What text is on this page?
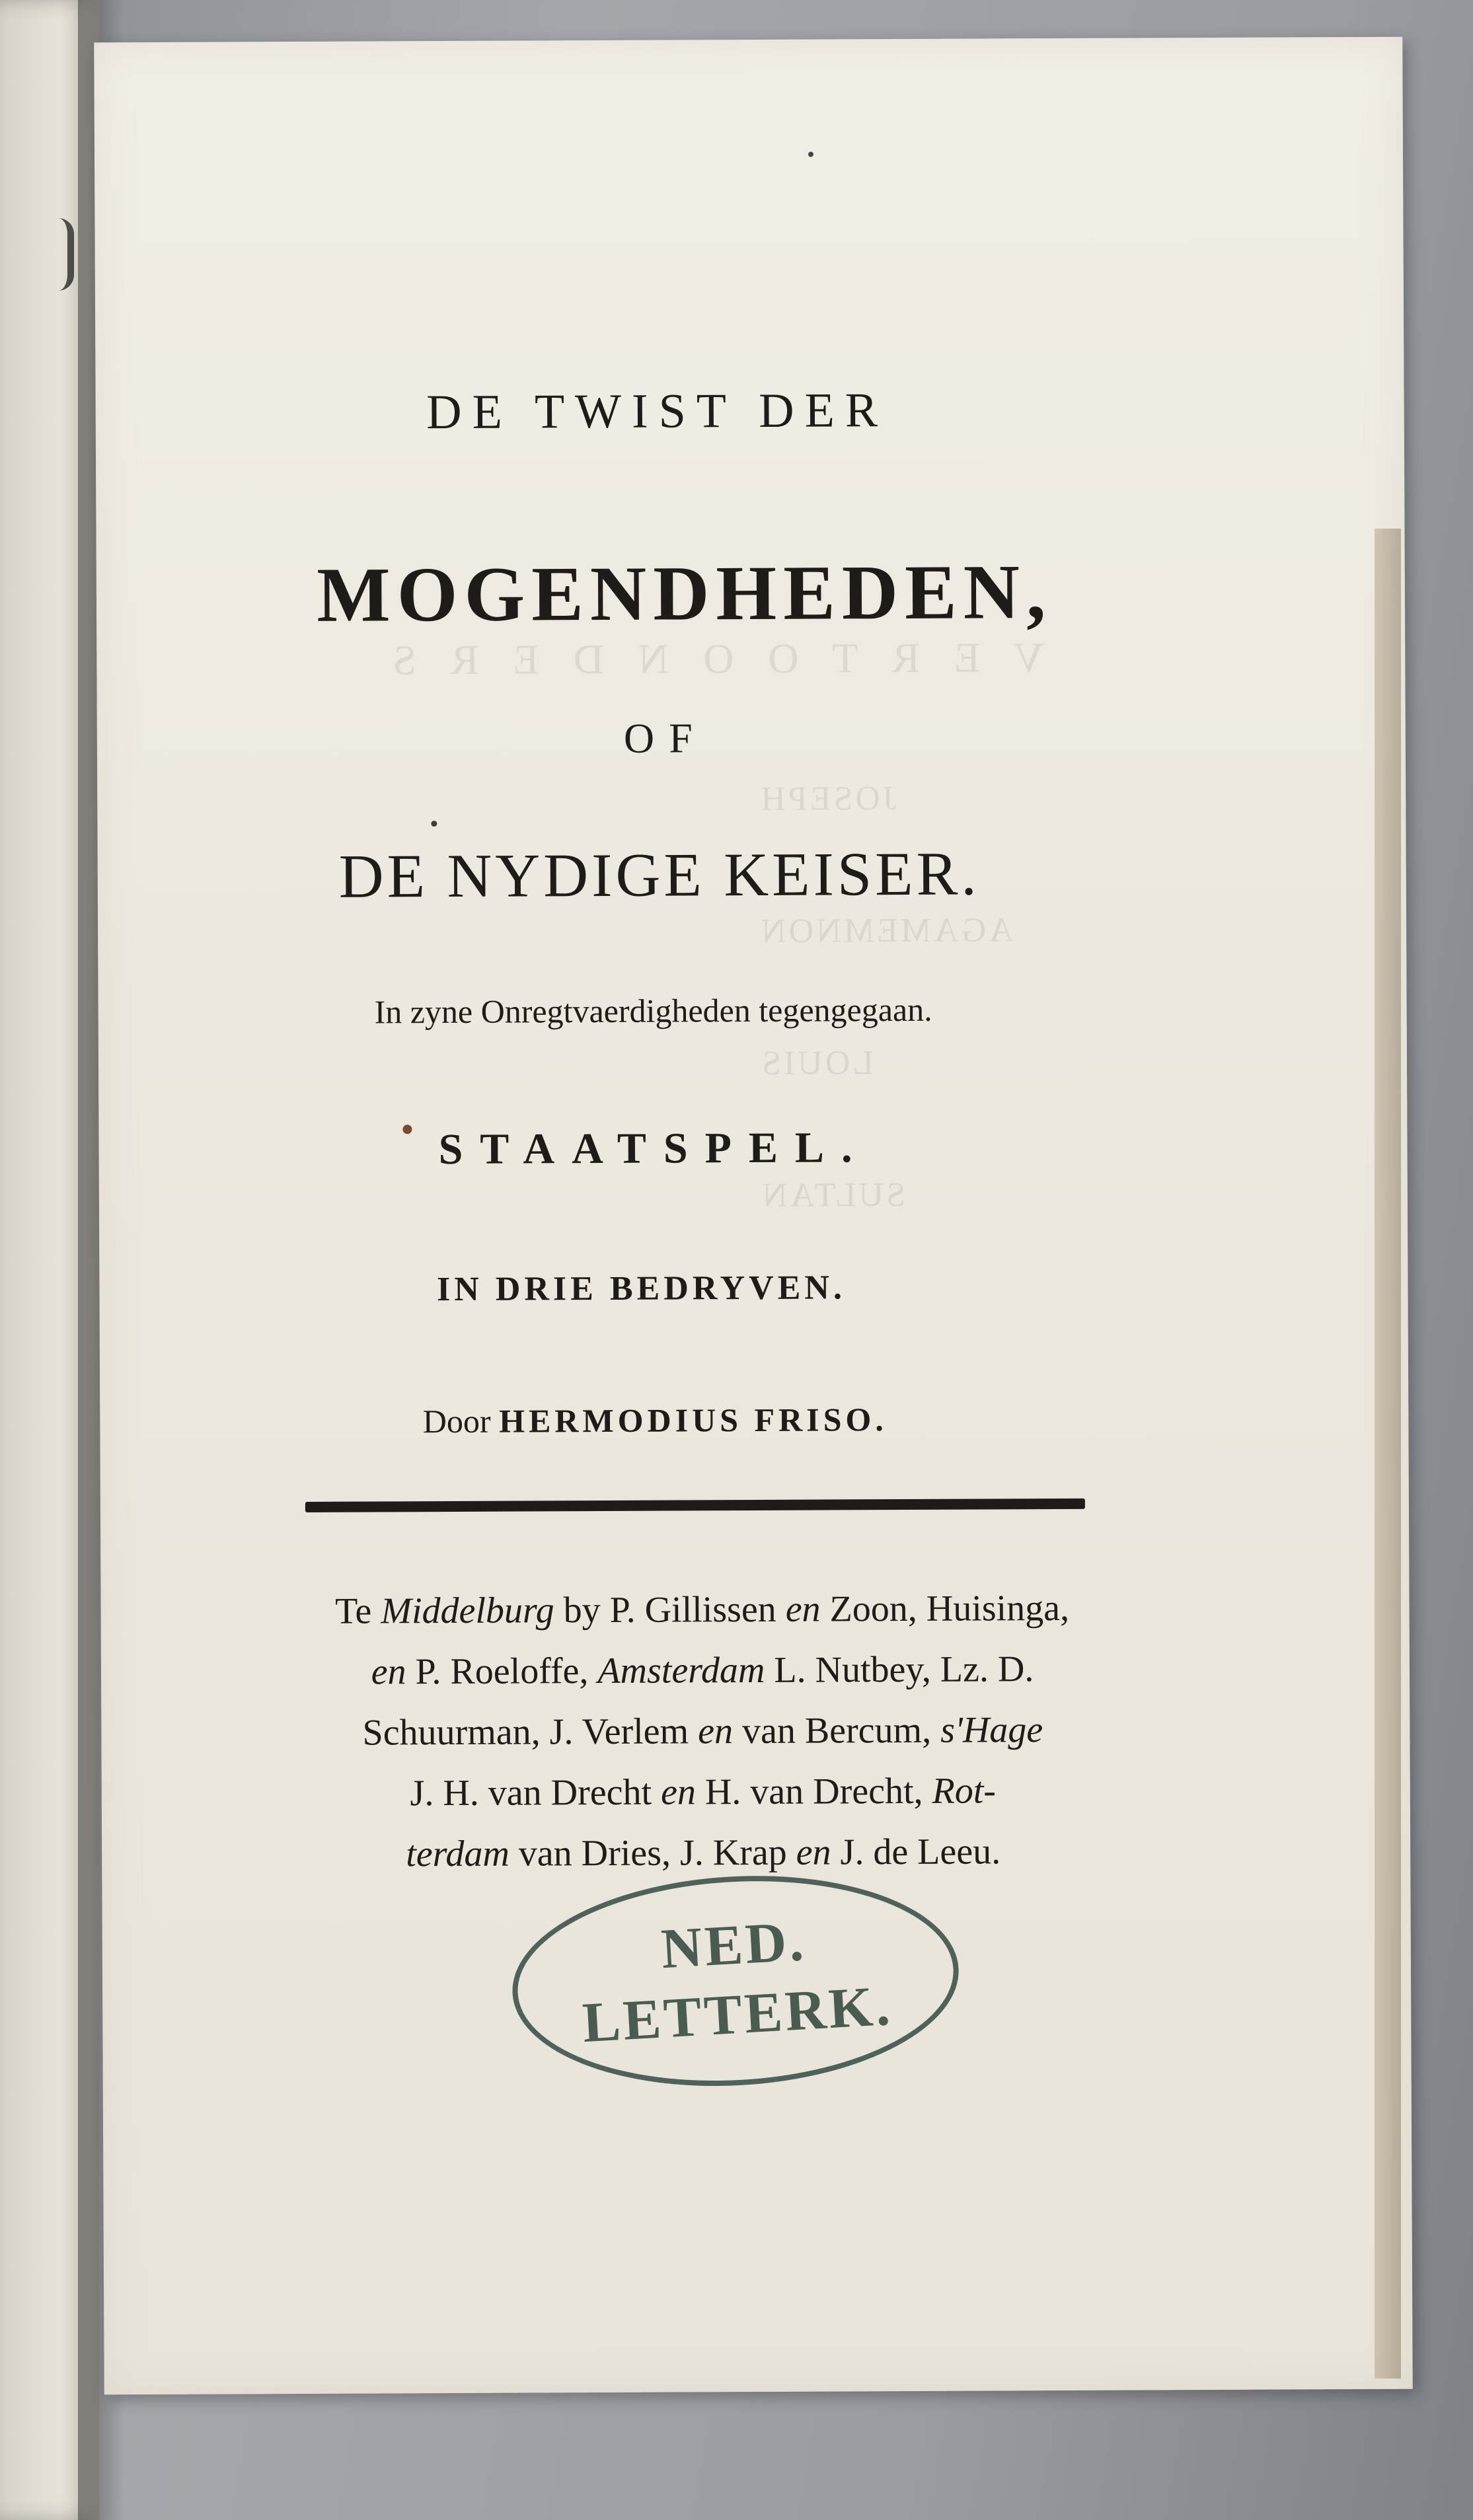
V E R T O O N D E R S
JOSEPH
AGAMEMNON
LOUIS
SULTAN
DE TWIST DER
MOGENDHEDEN,
OF
DE NYDIGE KEISER.
In zyne Onregtvaerdigheden tegengegaan.
STAATSPEL.
IN DRIE BEDRYVEN.
Door HERMODIUS FRISO.
Te Middelburg by P. Gillissen en Zoon, Huisinga,
en P. Roeloffe, Amsterdam L. Nutbey, Lz. D.
Schuurman, J. Verlem en van Bercum, s'Hage
J. H. van Drecht en H. van Drecht, Rot-
terdam van Dries, J. Krap en J. de Leeu.
NED.
LETTERK.
